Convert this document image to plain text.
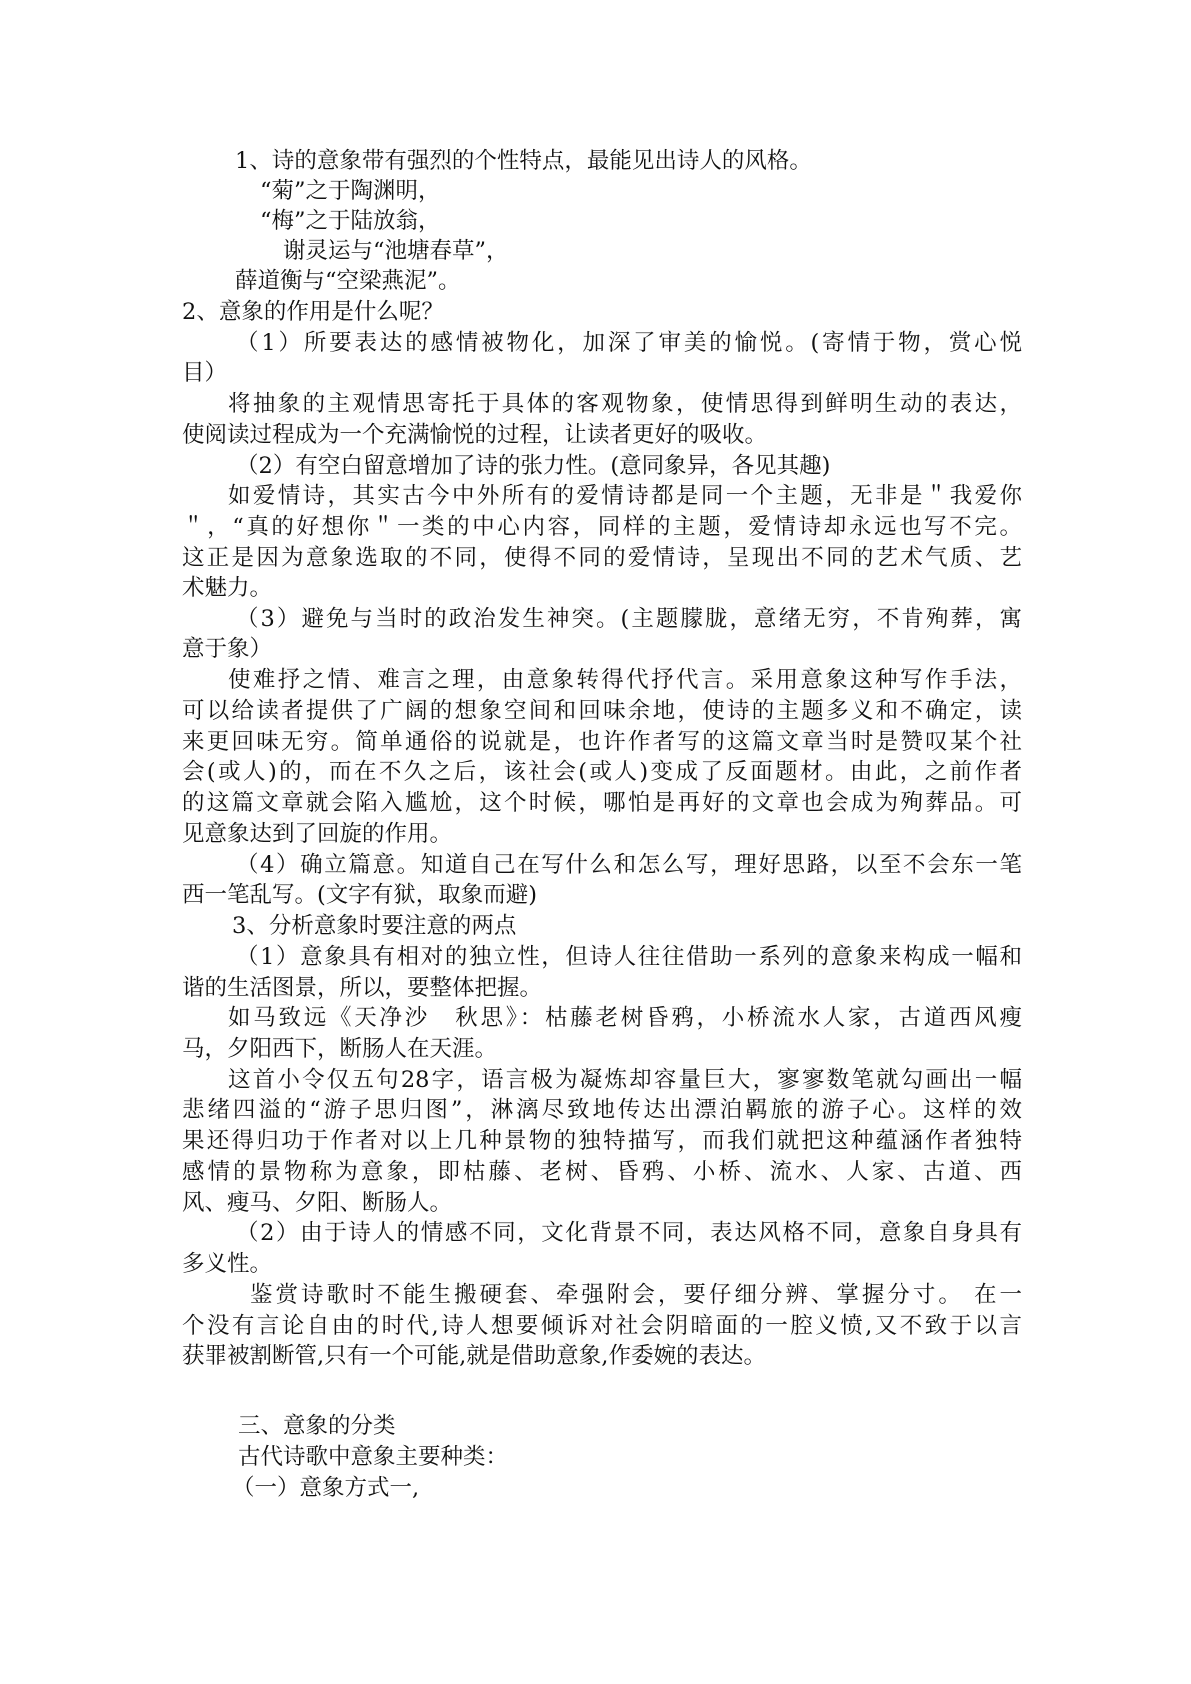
1、诗的意象带有强烈的个性特点，最能见出诗人的风格。
“菊”之于陶渊明，
“梅”之于陆放翁，
谢灵运与“池塘春草”，
薛道衡与“空梁燕泥”。
2、意象的作用是什么呢？
（1）所要表达的感情被物化，加深了审美的愉悦。(寄情于物，赏心悦
目）
将抽象的主观情思寄托于具体的客观物象，使情思得到鲜明生动的表达，
使阅读过程成为一个充满愉悦的过程，让读者更好的吸收。
（2）有空白留意增加了诗的张力性。(意同象异，各见其趣)
如爱情诗，其实古今中外所有的爱情诗都是同一个主题，无非是＂我爱你
＂，“真的好想你＂一类的中心内容，同样的主题，爱情诗却永远也写不完。
这正是因为意象选取的不同，使得不同的爱情诗，呈现出不同的艺术气质、艺
术魅力。
（3）避免与当时的政治发生神突。(主题朦胧，意绪无穷，不肯殉葬，寓
意于象）
使难抒之情、难言之理，由意象转得代抒代言。采用意象这种写作手法，
可以给读者提供了广阔的想象空间和回味余地，使诗的主题多义和不确定，读
来更回味无穷。简单通俗的说就是，也许作者写的这篇文章当时是赞叹某个社
会(或人)的，而在不久之后，该社会(或人)变成了反面题材。由此，之前作者
的这篇文章就会陷入尴尬，这个时候，哪怕是再好的文章也会成为殉葬品。可
见意象达到了回旋的作用。
（4）确立篇意。知道自己在写什么和怎么写，理好思路，以至不会东一笔
西一笔乱写。(文字有狱，取象而避)
3、分析意象时要注意的两点
（1）意象具有相对的独立性，但诗人往往借助一系列的意象来构成一幅和
谐的生活图景，所以，要整体把握。
如马致远《天净沙　秋思》：枯藤老树昏鸦，小桥流水人家，古道西风瘦
马，夕阳西下，断肠人在天涯。
这首小令仅五句28字，语言极为凝炼却容量巨大，寥寥数笔就勾画出一幅
悲绪四溢的“游子思归图”，淋漓尽致地传达出漂泊羁旅的游子心。这样的效
果还得归功于作者对以上几种景物的独特描写，而我们就把这种蕴涵作者独特
感情的景物称为意象，即枯藤、老树、昏鸦、小桥、流水、人家、古道、西
风、瘦马、夕阳、断肠人。
（2）由于诗人的情感不同，文化背景不同，表达风格不同，意象自身具有
多义性。
鉴赏诗歌时不能生搬硬套、牵强附会，要仔细分辨、掌握分寸。 在一
个没有言论自由的时代,诗人想要倾诉对社会阴暗面的一腔义愤,又不致于以言
获罪被割断管,只有一个可能,就是借助意象,作委婉的表达。
三、意象的分类
古代诗歌中意象主要种类：
（一）意象方式一,
